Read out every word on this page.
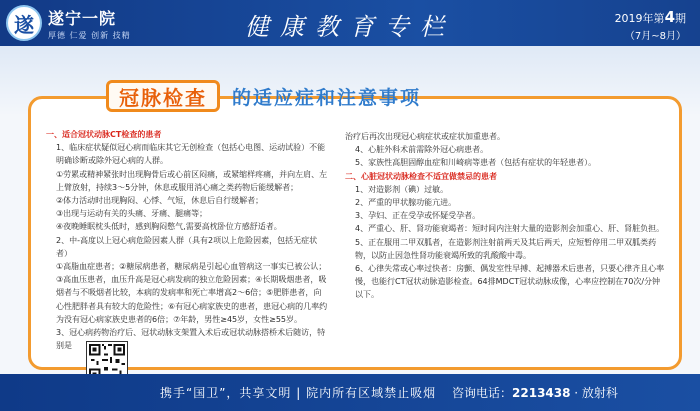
遂 遂宁一院
厚德 仁爱 创新 技精	健康教育专栏	2019年第4期
（7月~8月）
冠脉检查	的适应症和注意事项
一、适合冠状动脉CT检查的患者
1、临床症状疑似冠心病而临床其它无创检查（包括心电图、运动试验）不能明确诊断或除外冠心病的人群。
①劳累或精神紧张时出现胸骨后或心前区闷痛，或紧缩样疼痛，并向左肩、左上臂放射，持续3～5分钟，休息或服用消心痛之类药物后能缓解者；
②体力活动时出现胸闷、心悸、气短，休息后自行缓解者；
③出现与运动有关的头痛、牙痛、腿痛等；
④夜晚睡眠枕头低时，感到胸闷憋气,需要高枕卧位方感舒适者。
2、中-高度以上冠心病危险因素人群（具有2项以上危险因素，包括无症状者）
①高脂血症患者；②糖尿病患者，糖尿病是引起心血管病这一事实已被公认；③高血压患者，血压升高是冠心病发病的独立危险因素；④长期吸烟患者，吸烟者与不吸烟者比较，本病的发病率和死亡率增高2～6倍；⑤肥胖患者，向心性肥胖者具有较大的危险性；⑥有冠心病家族史的患者，患冠心病的几率约为没有冠心病家族史患者的6倍；⑦年龄，男性≥45岁，女性≥55岁。
3、冠心病药物治疗后、冠状动脉支架置入术后或冠状动脉搭桥术后随访，特别是
治疗后再次出现冠心病症状或症状加重患者。
4、心脏外科术前需除外冠心病患者。
5、家族性高胆固醇血症和川崎病等患者（包括有症状的年轻患者）。
二、心脏冠状动脉检查不适宜做禁忌的患者
1、对造影剂（碘）过敏。
2、严重的甲状腺功能亢进。
3、孕妇、正在受孕或怀疑受孕者。
4、严重心、肝、肾功能衰竭者：短时间内注射大量的造影剂会加重心、肝、肾脏负担。
5、正在服用二甲双胍者，在造影剂注射前两天及其后两天，应短暂停用二甲双胍类药物，以防止因急性肾功能衰竭所致的乳酸酸中毒。
6、心律失常或心率过快者：房颤、偶发室性早搏、起搏器术后患者，只要心律齐且心率慢，也能行CT冠状动脉造影检查。64排MDCT冠状动脉成像，心率应控制在70次/分钟以下。
携手“国卫”，共享文明 | 院内所有区域禁止吸烟 咨询电话：2213438 · 放射科
